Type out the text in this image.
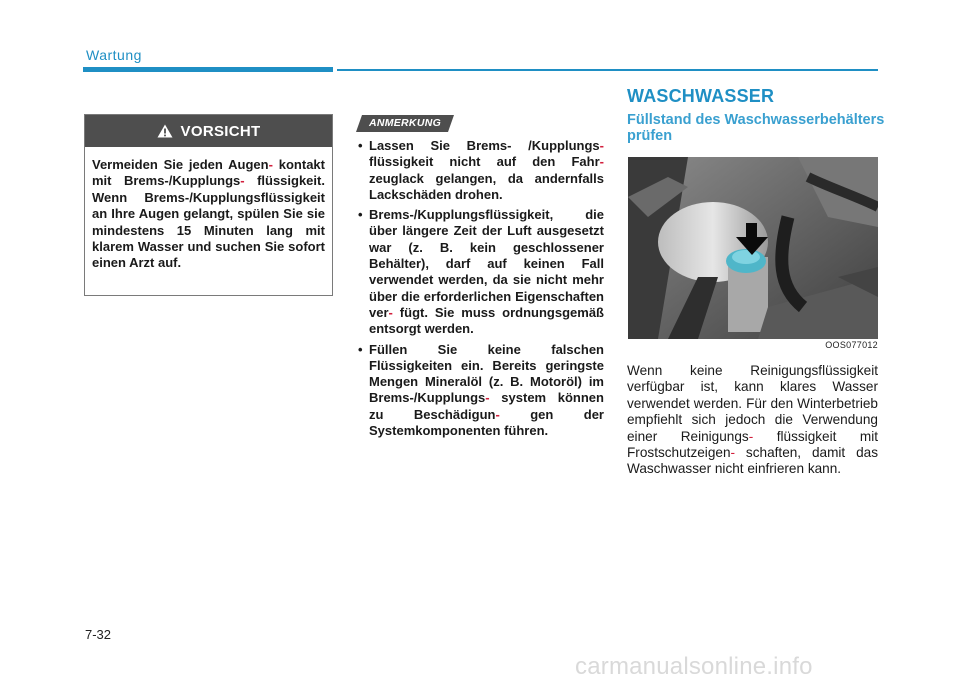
Wartung
VORSICHT
Vermeiden Sie jeden Augen- kontakt mit Brems-/Kupplungs- flüssigkeit. Wenn Brems-/Kupplungsflüssigkeit an Ihre Augen gelangt, spülen Sie sie mindestens 15 Minuten lang mit klarem Wasser und suchen Sie sofort einen Arzt auf.
ANMERKUNG
• Lassen Sie Brems- /Kupplungs- flüssigkeit nicht auf den Fahr- zeuglack gelangen, da andernfalls Lackschäden drohen.
• Brems-/Kupplungsflüssigkeit, die über längere Zeit der Luft ausgesetzt war (z. B. kein geschlossener Behälter), darf auf keinen Fall verwendet werden, da sie nicht mehr über die erforderlichen Eigenschaften ver- fügt. Sie muss ordnungsgemäß entsorgt werden.
• Füllen Sie keine falschen Flüssigkeiten ein. Bereits geringste Mengen Mineralöl (z. B. Motoröl) im Brems-/Kupplungs- system können zu Beschädigun- gen der Systemkomponenten führen.
WASCHWASSER
Füllstand des Waschwasserbehälters prüfen
OOS077012
Wenn keine Reinigungsflüssigkeit verfügbar ist, kann klares Wasser verwendet werden. Für den Winterbetrieb empfiehlt sich jedoch die Verwendung einer Reinigungs- flüssigkeit mit Frostschutzeigen- schaften, damit das Waschwasser nicht einfrieren kann.
7-32
carmanualsonline.info
